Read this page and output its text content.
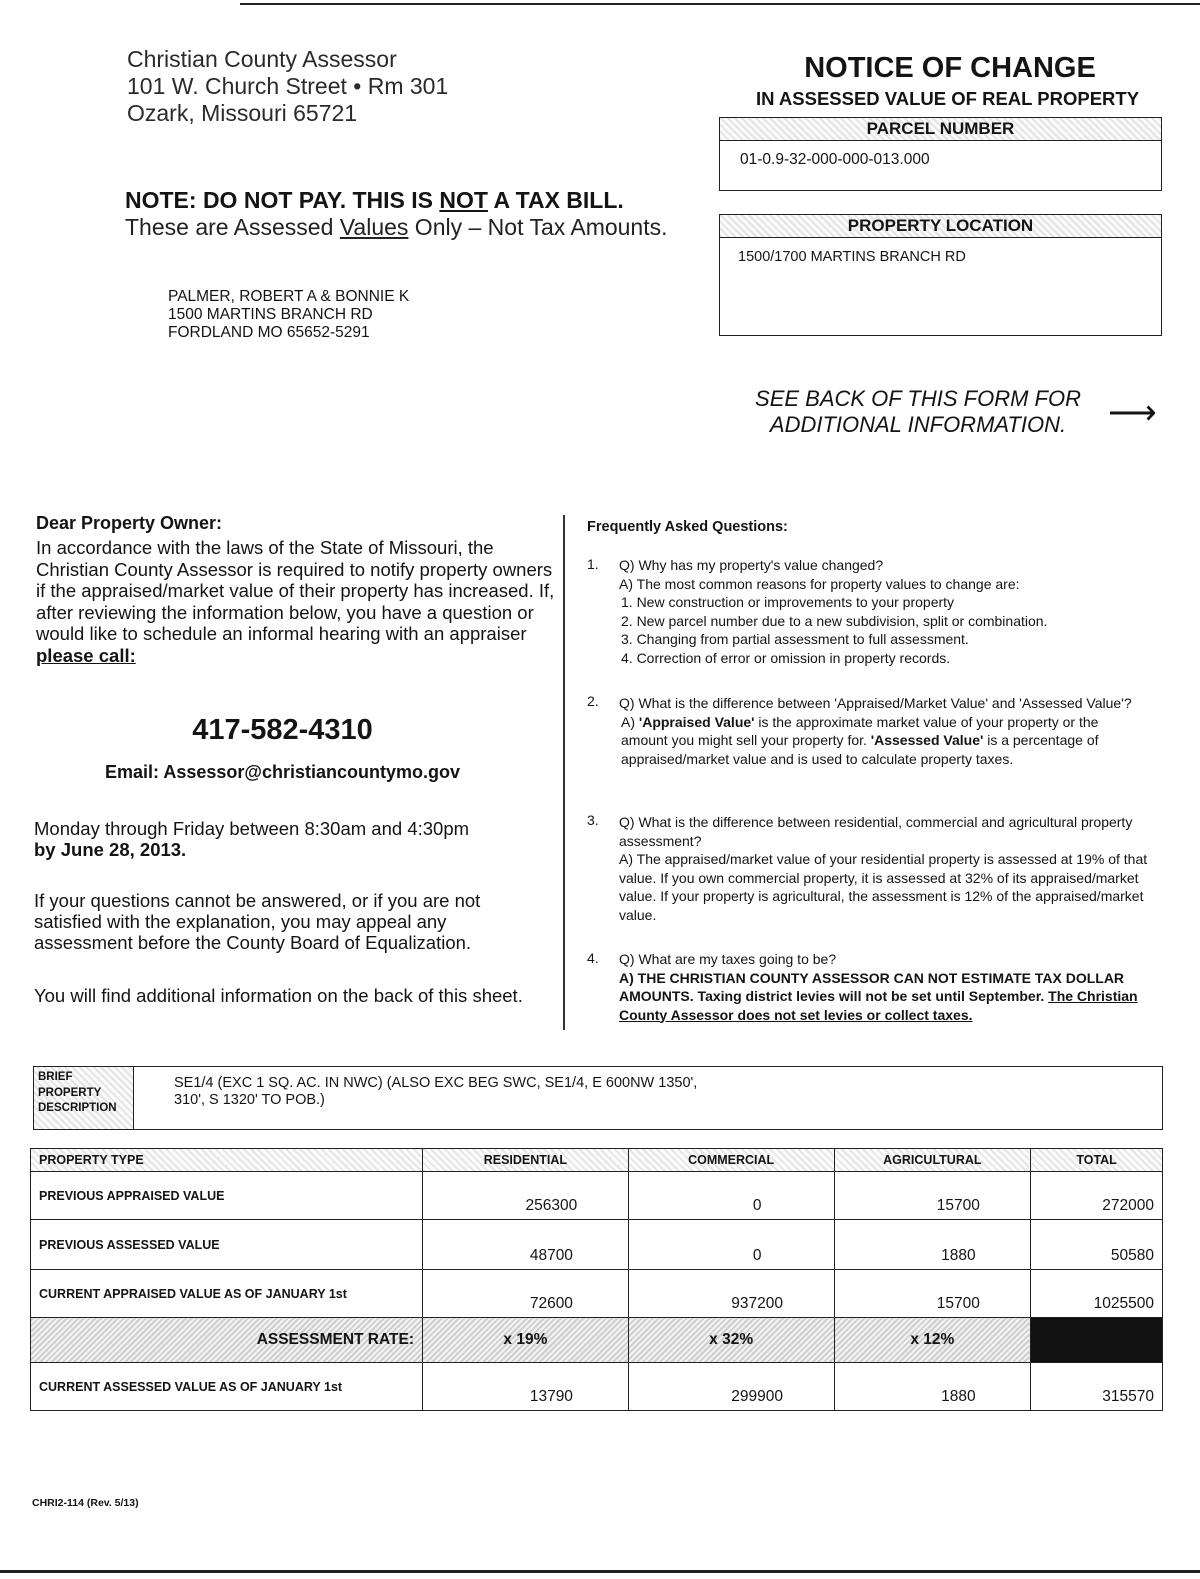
Christian County Assessor
101 W. Church Street • Rm 301
Ozark, Missouri 65721
NOTICE OF CHANGE
IN ASSESSED VALUE OF REAL PROPERTY
PARCEL NUMBER
01-0.9-32-000-000-013.000
PROPERTY LOCATION
1500/1700 MARTINS BRANCH RD
NOTE: DO NOT PAY. THIS IS NOT A TAX BILL.
These are Assessed Values Only – Not Tax Amounts.
PALMER, ROBERT A & BONNIE K
1500 MARTINS BRANCH RD
FORDLAND MO 65652-5291
SEE BACK OF THIS FORM FOR
ADDITIONAL INFORMATION.	⟶
Dear Property Owner:
In accordance with the laws of the State of Missouri, the Christian County Assessor is required to notify property owners if the appraised/market value of their property has increased. If, after reviewing the information below, you have a question or would like to schedule an informal hearing with an appraiser please call:
417-582-4310
Email: Assessor@christiancountymo.gov
Monday through Friday between 8:30am and 4:30pm
by June 28, 2013.
If your questions cannot be answered, or if you are not satisfied with the explanation, you may appeal any assessment before the County Board of Equalization.
You will find additional information on the back of this sheet.
Frequently Asked Questions:
1. Q) Why has my property's value changed?
A) The most common reasons for property values to change are:
1. New construction or improvements to your property
2. New parcel number due to a new subdivision, split or combination.
3. Changing from partial assessment to full assessment.
4. Correction of error or omission in property records.
2. Q) What is the difference between 'Appraised/Market Value' and 'Assessed Value'?
A) 'Appraised Value' is the approximate market value of your property or the amount you might sell your property for. 'Assessed Value' is a percentage of appraised/market value and is used to calculate property taxes.
3. Q) What is the difference between residential, commercial and agricultural property assessment?
A) The appraised/market value of your residential property is assessed at 19% of that value. If you own commercial property, it is assessed at 32% of its appraised/market value. If your property is agricultural, the assessment is 12% of the appraised/market value.
4. Q) What are my taxes going to be?
A) THE CHRISTIAN COUNTY ASSESSOR CAN NOT ESTIMATE TAX DOLLAR AMOUNTS. Taxing district levies will not be set until September. The Christian County Assessor does not set levies or collect taxes.
BRIEF
PROPERTY
DESCRIPTION
SE1/4 (EXC 1 SQ. AC. IN NWC) (ALSO EXC BEG SWC, SE1/4, E 600NW 1350',
310', S 1320' TO POB.)
PROPERTY TYPE	RESIDENTIAL	COMMERCIAL	AGRICULTURAL	TOTAL
PREVIOUS APPRAISED VALUE	256300	0	15700	272000
PREVIOUS ASSESSED VALUE	48700	0	1880	50580
CURRENT APPRAISED VALUE AS OF JANUARY 1st	72600	937200	15700	1025500
ASSESSMENT RATE:	x 19%	x 32%	x 12%	
CURRENT ASSESSED VALUE AS OF JANUARY 1st	13790	299900	1880	315570
CHRI2-114 (Rev. 5/13)
